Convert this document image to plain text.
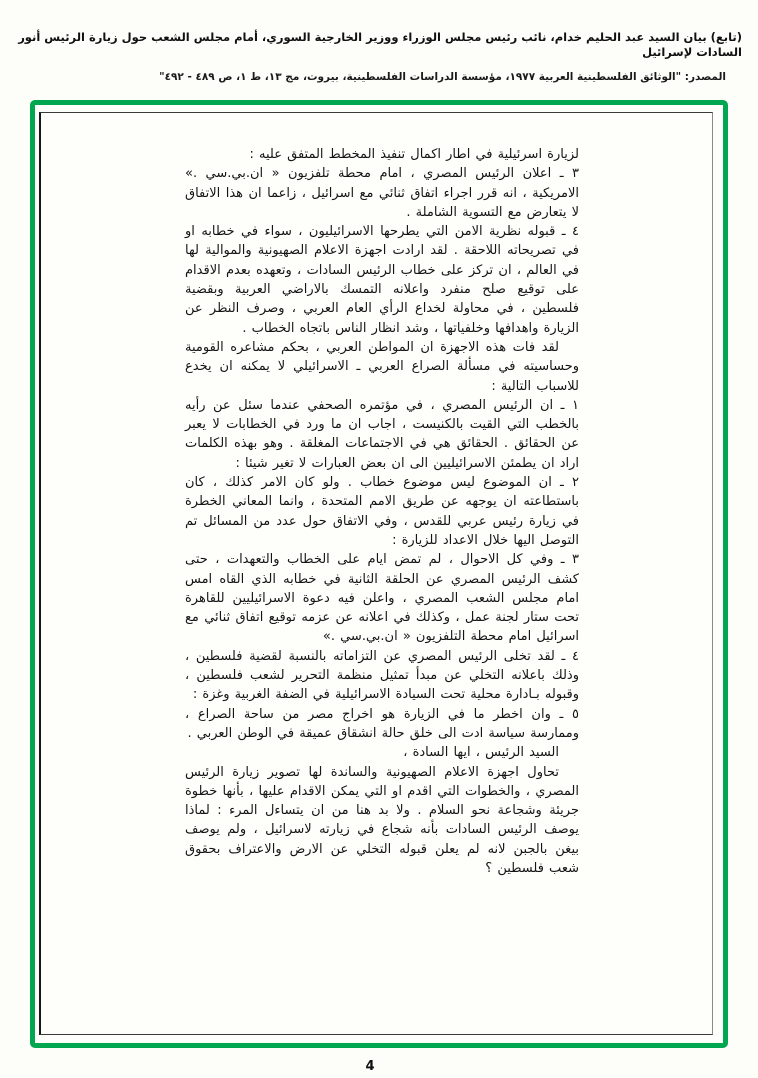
(تابع) بيان السيد عبد الحليم خدام، نائب رئيس مجلس الوزراء ووزير الخارجية السوري، أمام مجلس الشعب حول زيارة الرئيس أنور السادات لإسرائيل
المصدر: "الوثائق الفلسطينية العربية ١٩٧٧، مؤسسة الدراسات الفلسطينية، بيروت، مج ١٣، ط ١، ص ٤٨٩ - ٤٩٢"
لزيارة اسرئيلية في اطار اكمال تنفيذ المخطط المتفق عليه :
٣ ـ اعلان الرئيس المصري ، امام محطة تلفزيون « ان.بي.سي .» الامريكية ، انه قرر اجراء اتفاق ثنائي مع اسرائيل ، زاعما ان هذا الاتفاق لا يتعارض مع التسوية الشاملة .
٤ ـ قبوله نظرية الامن التي يطرحها الاسرائيليون ، سواء في خطابه او في تصريحاته اللاحقة . لقد ارادت اجهزة الاعلام الصهيونية والموالية لها في العالم ، ان تركز على خطاب الرئيس السادات ، وتعهده بعدم الاقدام على توقيع صلح منفرد واعلانه التمسك بالاراضي العربية وبقضية فلسطين ، في محاولة لخداع الرأي العام العربي ، وصرف النظر عن الزيارة واهدافها وخلفياتها ، وشد انظار الناس باتجاه الخطاب .
لقد فات هذه الاجهزة ان المواطن العربي ، بحكم مشاعره القومية وحساسيته في مسألة الصراع العربي ـ الاسرائيلي لا يمكنه ان يخدع للاسباب التالية :
١ ـ ان الرئيس المصري ، في مؤتمره الصحفي عندما سئل عن رأيه بالخطب التي القيت بالكنيست ، اجاب ان ما ورد في الخطابات لا يعبر عن الحقائق . الحقائق هي في الاجتماعات المغلقة . وهو بهذه الكلمات اراد ان يطمئن الاسرائيليين الى ان بعض العبارات لا تغير شيئا :
٢ ـ ان الموضوع ليس موضوع خطاب . ولو كان الامر كذلك ، كان باستطاعته ان يوجهه عن طريق الامم المتحدة ، وانما المعاني الخطرة في زيارة رئيس عربي للقدس ، وفي الاتفاق حول عدد من المسائل تم التوصل اليها خلال الاعداد للزيارة :
٣ ـ وفي كل الاحوال ، لم تمض ايام على الخطاب والتعهدات ، حتى كشف الرئيس المصري عن الحلقة الثانية في خطابه الذي القاه امس امام مجلس الشعب المصري ، واعلن فيه دعوة الاسرائيليين للقاهرة تحت ستار لجنة عمل ، وكذلك في اعلانه عن عزمه توقيع اتفاق ثنائي مع اسرائيل امام محطة التلفزيون « ان.بي.سي .»
٤ ـ لقد تخلى الرئيس المصري عن التزاماته بالنسبة لقضية فلسطين ، وذلك باعلانه التخلي عن مبدأ تمثيل منظمة التحرير لشعب فلسطين ، وقبوله بـادارة محلية تحت السيادة الاسرائيلية في الضفة الغربية وغزة :
٥ ـ وان اخطر ما في الزيارة هو اخراج مصر من ساحة الصراع ، وممارسة سياسة ادت الى خلق حالة انشقاق عميقة في الوطن العربي .
السيد الرئيس ، ايها السادة ،
تحاول اجهزة الاعلام الصهيونية والساندة لها تصوير زيارة الرئيس المصري ، والخطوات التي اقدم او التي يمكن الاقدام عليها ، بأنها خطوة جريئة وشجاعة نحو السلام . ولا بد هنا من ان يتساءل المرء : لماذا يوصف الرئيس السادات بأنه شجاع في زيارته لاسرائيل ، ولم يوصف بيغن بالجبن لانه لم يعلن قبوله التخلي عن الارض والاعتراف بحقوق شعب فلسطين ؟
4
